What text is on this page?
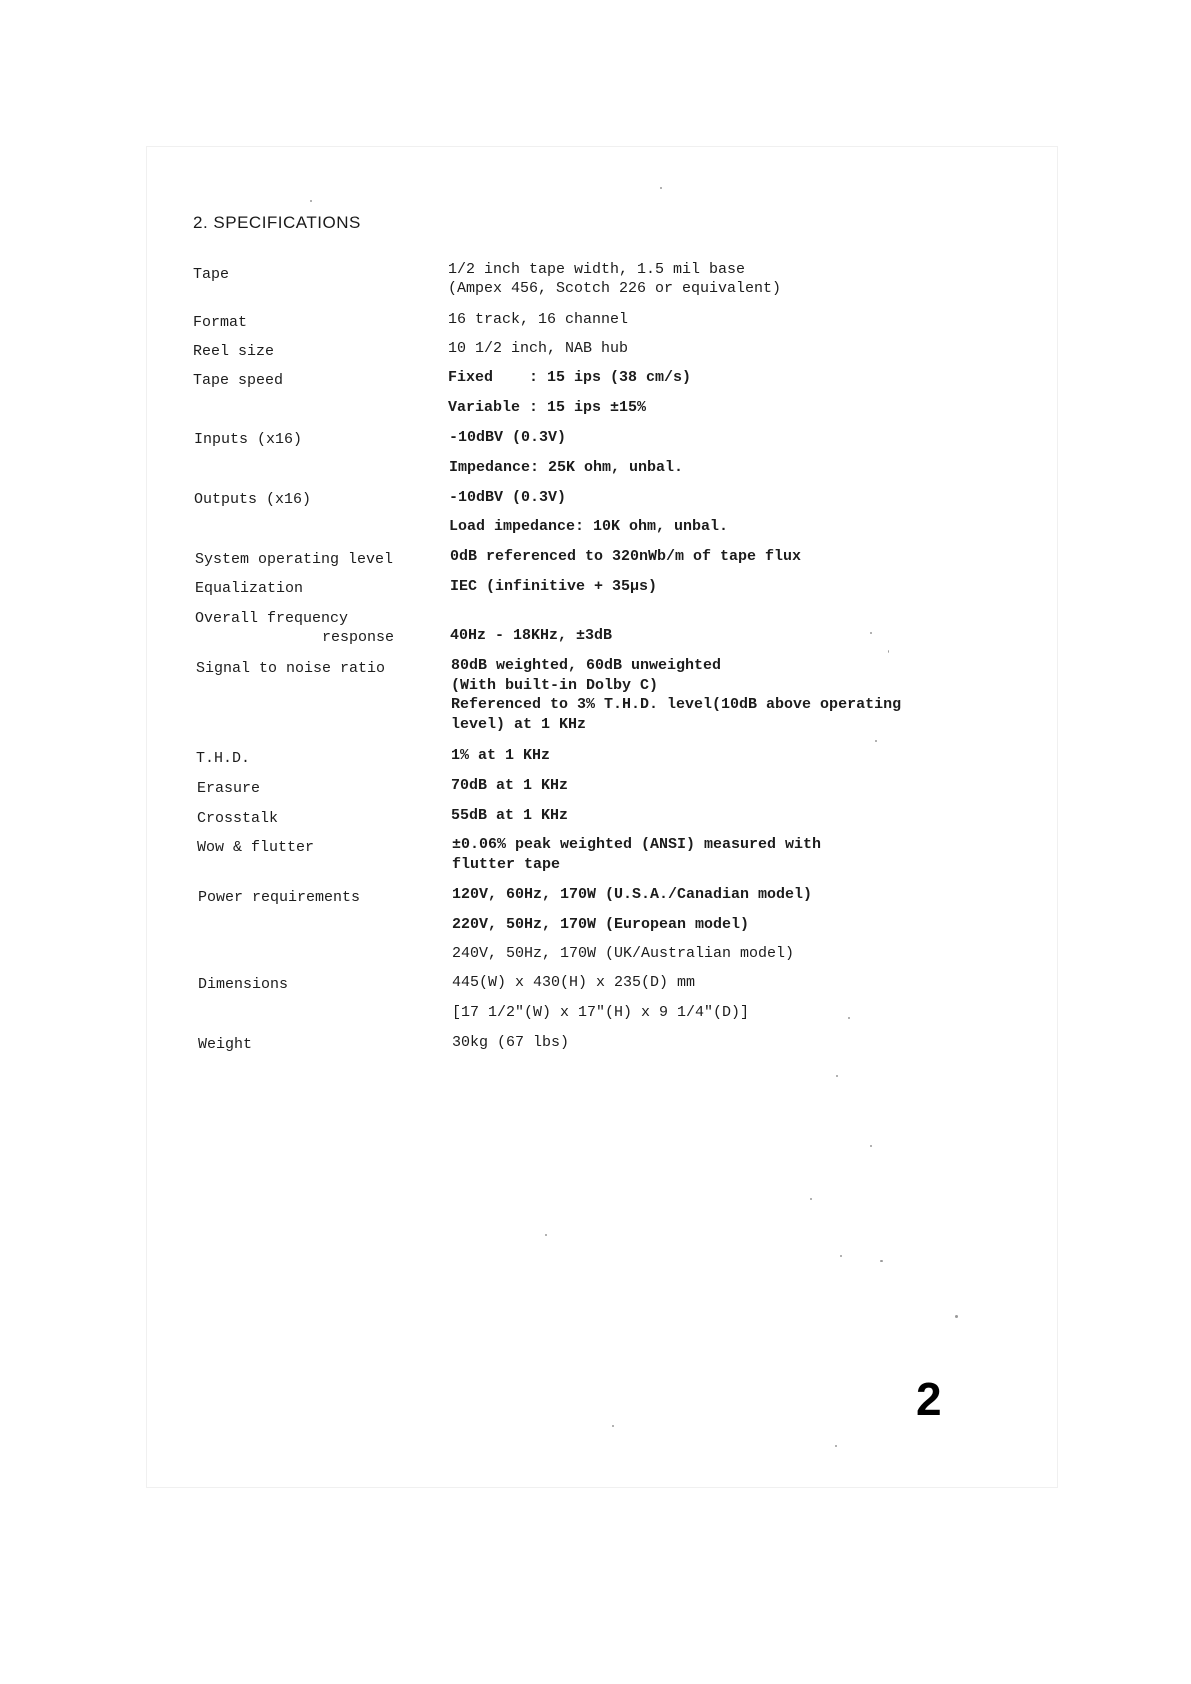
2. SPECIFICATIONS
Tape	1/2 inch tape width, 1.5 mil base
(Ampex 456, Scotch 226 or equivalent)
Format	16 track, 16 channel
Reel size	10 1/2 inch, NAB hub
Tape speed	Fixed    : 15 ips (38 cm/s)
Variable : 15 ips ±15%
Inputs (x16)	-10dBV (0.3V)
Impedance: 25K ohm, unbal.
Outputs (x16)	-10dBV (0.3V)
Load impedance: 10K ohm, unbal.
System operating level	0dB referenced to 320nWb/m of tape flux
Equalization	IEC (infinitive + 35μs)
Overall frequency
response	40Hz - 18KHz, ±3dB
Signal to noise ratio	80dB weighted, 60dB unweighted
(With built-in Dolby C)
Referenced to 3% T.H.D. level(10dB above operating
level) at 1 KHz
T.H.D.	1% at 1 KHz
Erasure	70dB at 1 KHz
Crosstalk	55dB at 1 KHz
Wow & flutter	±0.06% peak weighted (ANSI) measured with
flutter tape
Power requirements	120V, 60Hz, 170W (U.S.A./Canadian model)
220V, 50Hz, 170W (European model)
240V, 50Hz, 170W (UK/Australian model)
Dimensions	445(W) x 430(H) x 235(D) mm
[17 1/2"(W) x 17"(H) x 9 1/4"(D)]
Weight	30kg (67 lbs)
2
